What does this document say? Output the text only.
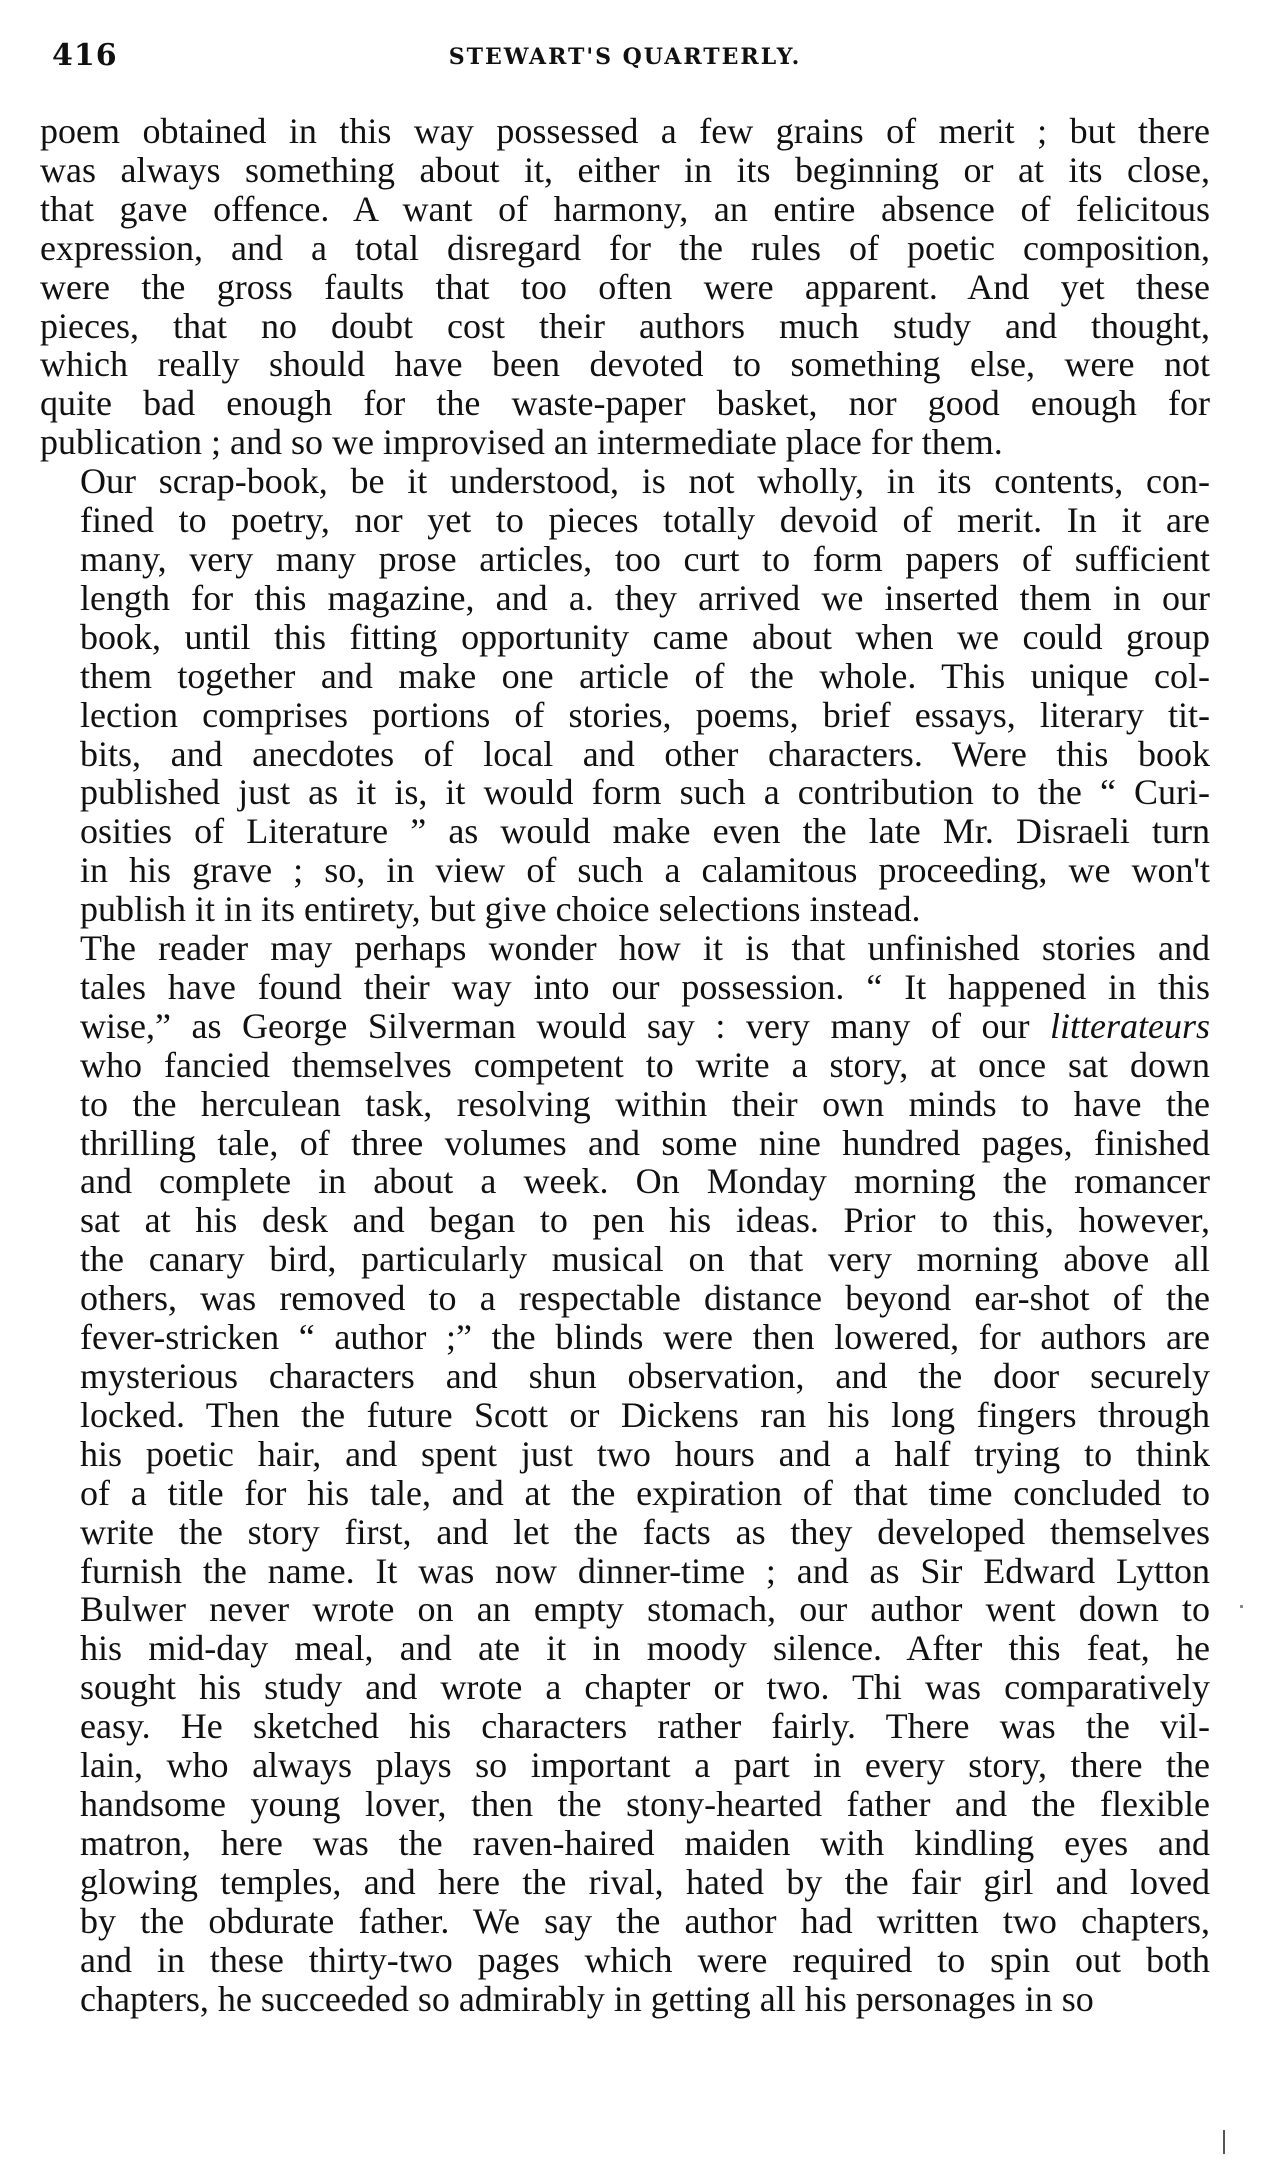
416	STEWART'S QUARTERLY.
poem obtained in this way possessed a few grains of merit ; but there
was always something about it, either in its beginning or at its close,
that gave offence. A want of harmony, an entire absence of felicitous
expression, and a total disregard for the rules of poetic composition,
were the gross faults that too often were apparent. And yet these
pieces, that no doubt cost their authors much study and thought,
which really should have been devoted to something else, were not
quite bad enough for the waste-paper basket, nor good enough for
publication ; and so we improvised an intermediate place for them.
Our scrap-book, be it understood, is not wholly, in its contents, con-
fined to poetry, nor yet to pieces totally devoid of merit. In it are
many, very many prose articles, too curt to form papers of sufficient
length for this magazine, and a. they arrived we inserted them in our
book, until this fitting opportunity came about when we could group
them together and make one article of the whole. This unique col-
lection comprises portions of stories, poems, brief essays, literary tit-
bits, and anecdotes of local and other characters. Were this book
published just as it is, it would form such a contribution to the “ Curi-
osities of Literature ” as would make even the late Mr. Disraeli turn
in his grave ; so, in view of such a calamitous proceeding, we won't
publish it in its entirety, but give choice selections instead.
The reader may perhaps wonder how it is that unfinished stories and
tales have found their way into our possession. “ It happened in this
wise,” as George Silverman would say : very many of our litterateurs
who fancied themselves competent to write a story, at once sat down
to the herculean task, resolving within their own minds to have the
thrilling tale, of three volumes and some nine hundred pages, finished
and complete in about a week. On Monday morning the romancer
sat at his desk and began to pen his ideas. Prior to this, however,
the canary bird, particularly musical on that very morning above all
others, was removed to a respectable distance beyond ear-shot of the
fever-stricken “ author ;” the blinds were then lowered, for authors are
mysterious characters and shun observation, and the door securely
locked. Then the future Scott or Dickens ran his long fingers through
his poetic hair, and spent just two hours and a half trying to think
of a title for his tale, and at the expiration of that time concluded to
write the story first, and let the facts as they developed themselves
furnish the name. It was now dinner-time ; and as Sir Edward Lytton
Bulwer never wrote on an empty stomach, our author went down to
his mid-day meal, and ate it in moody silence. After this feat, he
sought his study and wrote a chapter or two. Thi was comparatively
easy. He sketched his characters rather fairly. There was the vil-
lain, who always plays so important a part in every story, there the
handsome young lover, then the stony-hearted father and the flexible
matron, here was the raven-haired maiden with kindling eyes and
glowing temples, and here the rival, hated by the fair girl and loved
by the obdurate father. We say the author had written two chapters,
and in these thirty-two pages which were required to spin out both
chapters, he succeeded so admirably in getting all his personages in so
